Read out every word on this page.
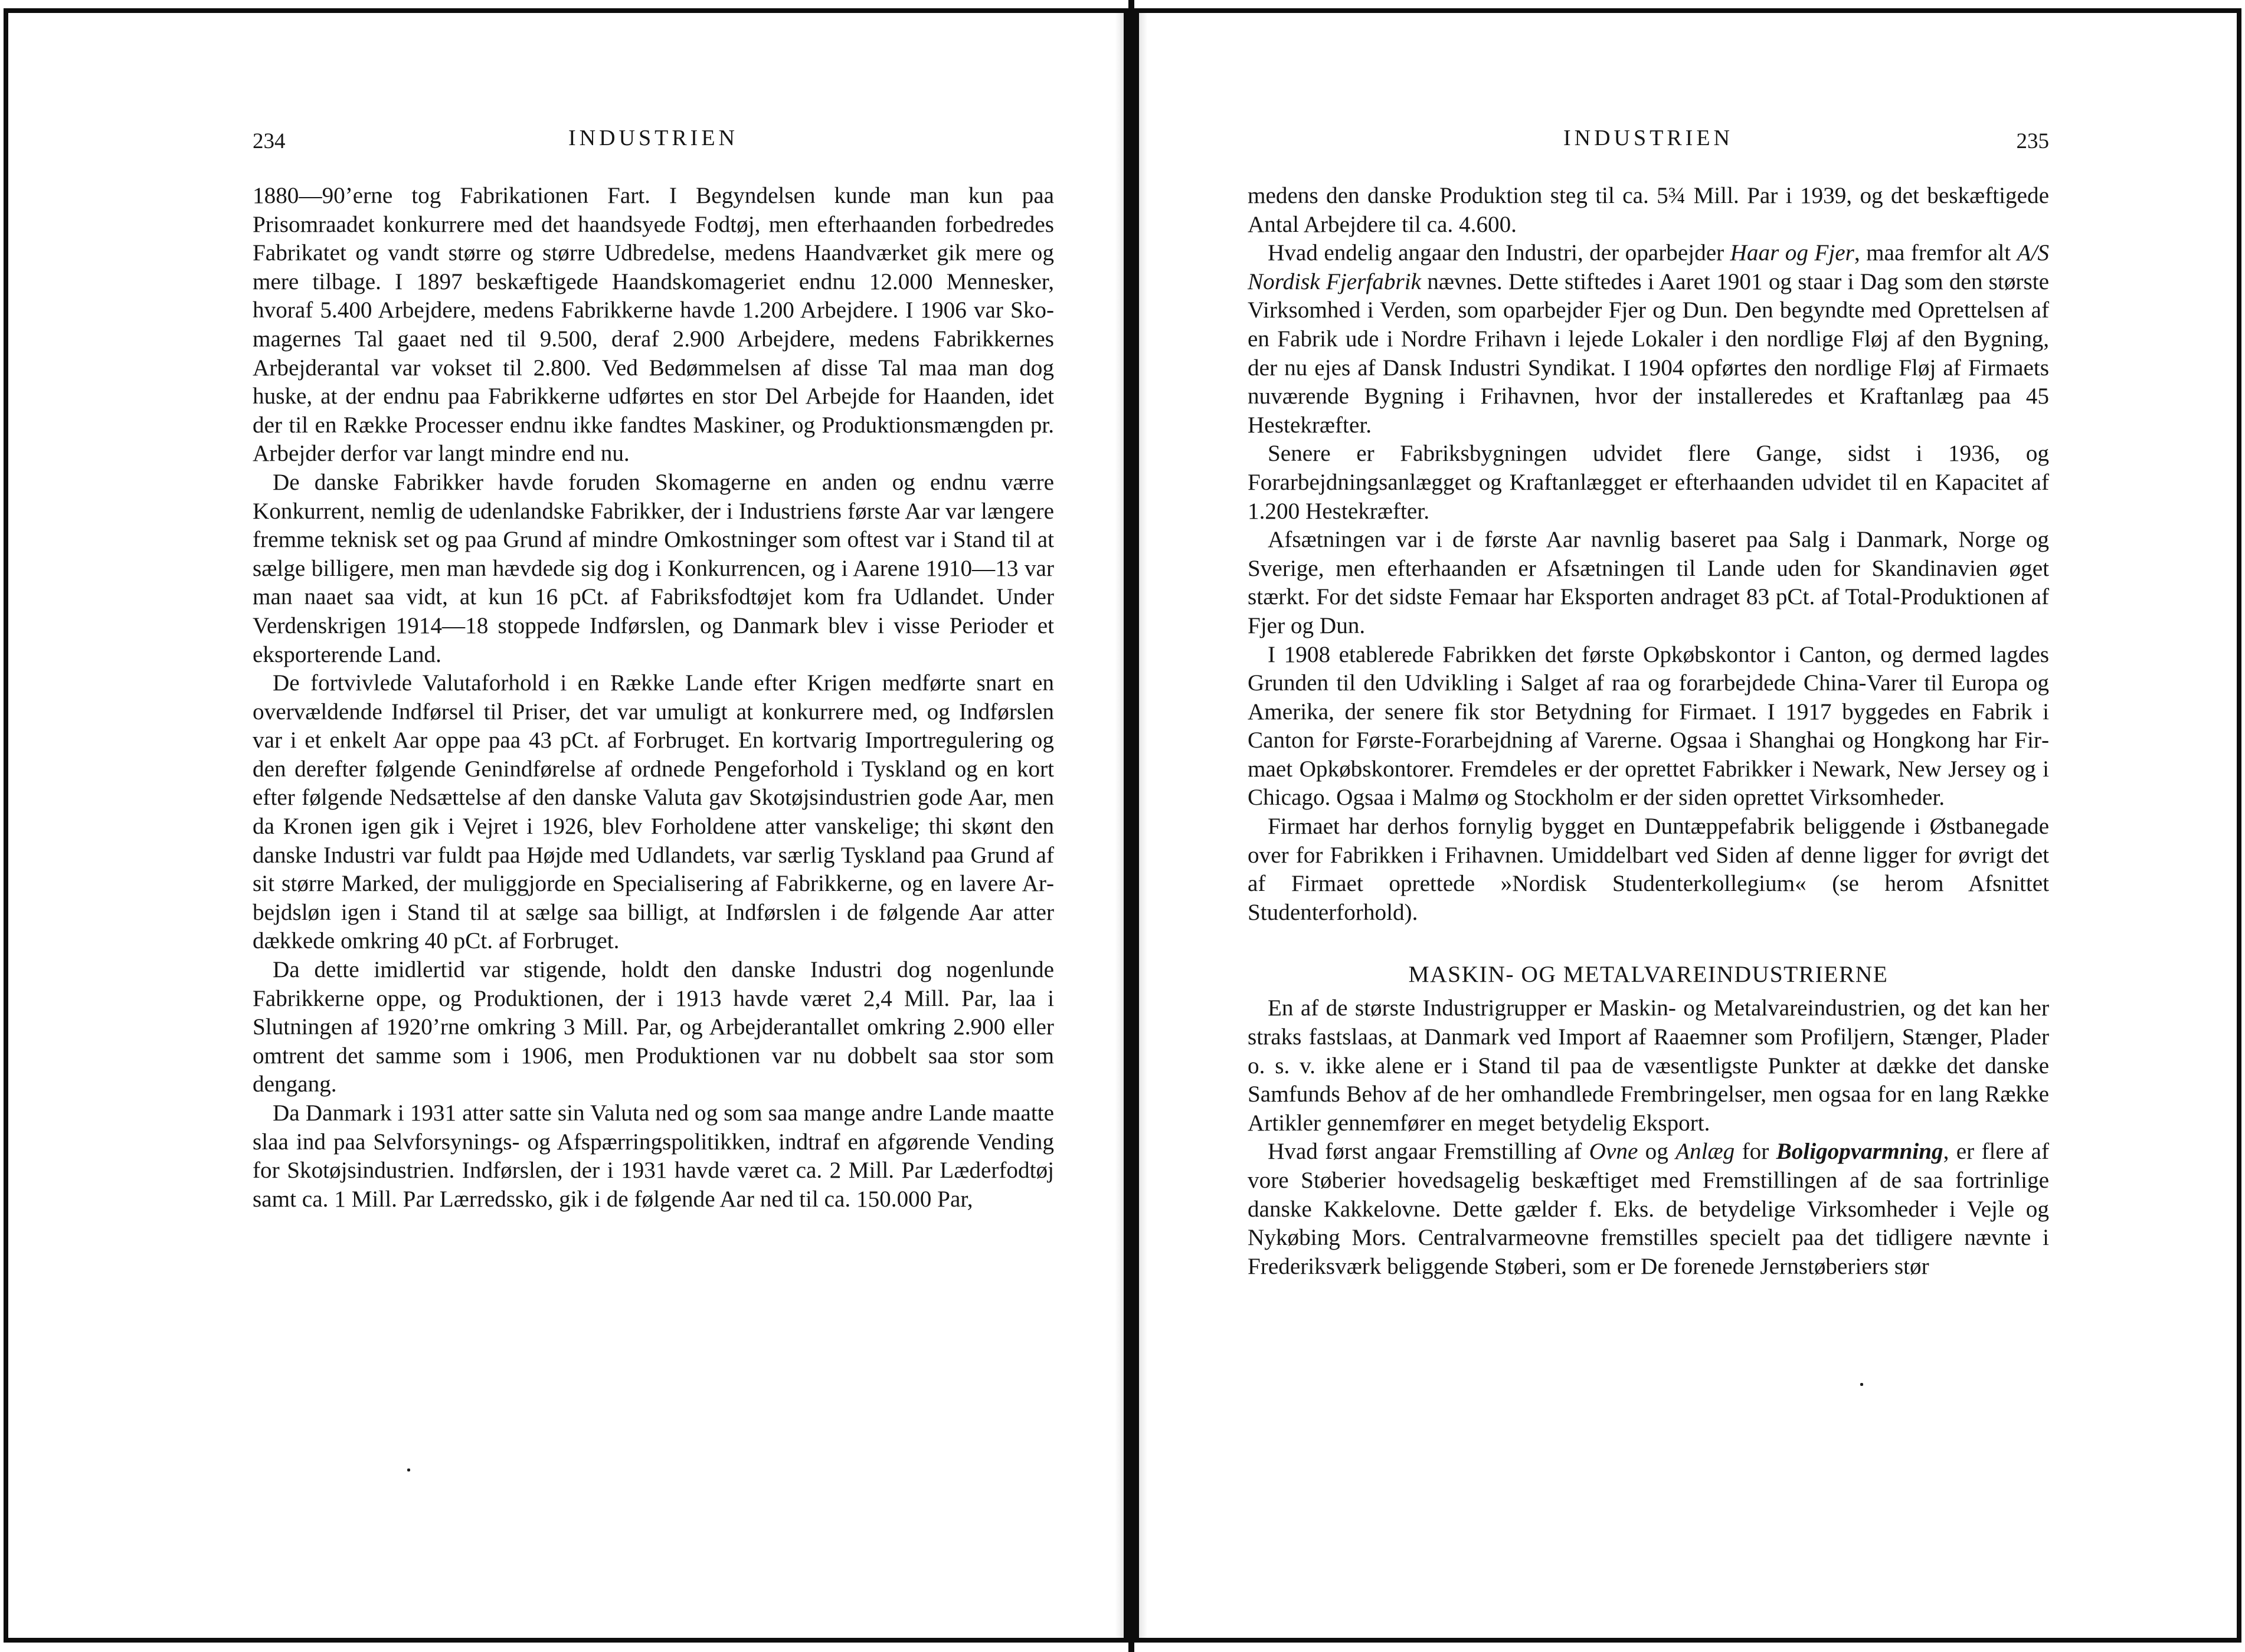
234	INDUSTRIEN

1880—90’erne tog Fabrikationen Fart. I Begyndelsen kunde man kun paa Prisomraadet konkurrere med det haandsyede Fodtøj, men efterhaanden forbedredes Fabrikatet og vandt større og større Udbredelse, medens Haandværket gik mere og mere tilbage. I 1897 beskæftigede Haandskomageriet endnu 12.000 Mennesker, hvoraf 5.400 Arbejdere, medens Fabrikkerne havde 1.200 Arbejdere. I 1906 var Skomagernes Tal gaaet ned til 9.500, deraf 2.900 Arbejdere, medens Fabrikkernes Arbejderantal var vokset til 2.800. Ved Bedømmelsen af disse Tal maa man dog huske, at der endnu paa Fabrikkerne udførtes en stor Del Arbejde for Haanden, idet der til en Række Processer endnu ikke fandtes Maskiner, og Produktionsmængden pr. Arbejder derfor var langt mindre end nu.

De danske Fabrikker havde foruden Skomagerne en anden og endnu værre Konkurrent, nemlig de udenlandske Fabrikker, der i Industriens første Aar var længere fremme teknisk set og paa Grund af mindre Omkostninger som oftest var i Stand til at sælge billigere, men man hævdede sig dog i Konkurrencen, og i Aarene 1910—13 var man naaet saa vidt, at kun 16 pCt. af Fabriksfodtøjet kom fra Udlandet. Under Verdenskrigen 1914—18 stoppede Indførslen, og Danmark blev i visse Perioder et eksporterende Land.

De fortvivlede Valutaforhold i en Række Lande efter Krigen medførte snart en overvældende Indførsel til Priser, det var umuligt at konkurrere med, og Indførslen var i et enkelt Aar oppe paa 43 pCt. af Forbruget. En kortvarig Importregulering og den derefter følgende Genindførelse af ordnede Pengeforhold i Tyskland og en kort efter følgende Nedsættelse af den danske Valuta gav Skotøjsindustrien gode Aar, men da Kronen igen gik i Vejret i 1926, blev Forholdene atter vanskelige; thi skønt den danske Industri var fuldt paa Højde med Udlandets, var særlig Tyskland paa Grund af sit større Marked, der muliggjorde en Specialisering af Fabrikkerne, og en lavere Arbejdsløn igen i Stand til at sælge saa billigt, at Indførslen i de følgende Aar atter dækkede omkring 40 pCt. af Forbruget.

Da dette imidlertid var stigende, holdt den danske Industri dog nogenlunde Fabrikkerne oppe, og Produktionen, der i 1913 havde været 2,4 Mill. Par, laa i Slutningen af 1920’rne omkring 3 Mill. Par, og Arbejderantallet omkring 2.900 eller omtrent det samme som i 1906, men Produktionen var nu dobbelt saa stor som dengang.

Da Danmark i 1931 atter satte sin Valuta ned og som saa mange andre Lande maatte slaa ind paa Selvforsynings- og Afspærringspolitikken, indtraf en afgørende Vending for Skotøjsindustrien. Indførslen, der i 1931 havde været ca. 2 Mill. Par Læderfodtøj samt ca. 1 Mill. Par Lærredssko, gik i de følgende Aar ned til ca. 150.000 Par,

INDUSTRIEN	235

medens den danske Produktion steg til ca. 5¾ Mill. Par i 1939, og det beskæftigede Antal Arbejdere til ca. 4.600.

Hvad endelig angaar den Industri, der oparbejder Haar og Fjer, maa fremfor alt A/S Nordisk Fjerfabrik nævnes. Dette stiftedes i Aaret 1901 og staar i Dag som den største Virksomhed i Verden, som oparbejder Fjer og Dun. Den begyndte med Oprettelsen af en Fabrik ude i Nordre Frihavn i lejede Lokaler i den nordlige Fløj af den Bygning, der nu ejes af Dansk Industri Syndikat. I 1904 opførtes den nordlige Fløj af Firmaets nuværende Bygning i Frihavnen, hvor der installeredes et Kraftanlæg paa 45 Hestekræfter.

Senere er Fabriksbygningen udvidet flere Gange, sidst i 1936, og Forarbejdningsanlægget og Kraftanlægget er efterhaanden udvidet til en Kapacitet af 1.200 Hestekræfter.

Afsætningen var i de første Aar navnlig baseret paa Salg i Danmark, Norge og Sverige, men efterhaanden er Afsætningen til Lande uden for Skandinavien øget stærkt. For det sidste Femaar har Eksporten andraget 83 pCt. af Total-Produktionen af Fjer og Dun.

I 1908 etablerede Fabrikken det første Opkøbskontor i Canton, og dermed lagdes Grunden til den Udvikling i Salget af raa og forarbejdede China-Varer til Europa og Amerika, der senere fik stor Betydning for Firmaet. I 1917 byggedes en Fabrik i Canton for Første-Forarbejdning af Varerne. Ogsaa i Shanghai og Hongkong har Firmaet Opkøbskontorer. Fremdeles er der oprettet Fabrikker i Newark, New Jersey og i Chicago. Ogsaa i Malmø og Stockholm er der siden oprettet Virksomheder.

Firmaet har derhos fornylig bygget en Duntæppefabrik beliggende i Østbanegade over for Fabrikken i Frihavnen. Umiddelbart ved Siden af denne ligger for øvrigt det af Firmaet oprettede »Nordisk Studenterkollegium« (se herom Afsnittet Studenterforhold).

MASKIN- OG METALVAREINDUSTRIERNE

En af de største Industrigrupper er Maskin- og Metalvareindustrien, og det kan her straks fastslaas, at Danmark ved Import af Raaemner som Profiljern, Stænger, Plader o. s. v. ikke alene er i Stand til paa de væsentligste Punkter at dække det danske Samfunds Behov af de her omhandlede Frembringelser, men ogsaa for en lang Række Artikler gennemfører en meget betydelig Eksport.

Hvad først angaar Fremstilling af Ovne og Anlæg for Boligopvarmning, er flere af vore Støberier hovedsagelig beskæftiget med Fremstillingen af de saa fortrinlige danske Kakkelovne. Dette gælder f. Eks. de betydelige Virksomheder i Vejle og Nykøbing Mors. Centralvarmeovne fremstilles specielt paa det tidligere nævnte i Frederiksværk beliggende Støberi, som er De forenede Jernstøberiers stør
